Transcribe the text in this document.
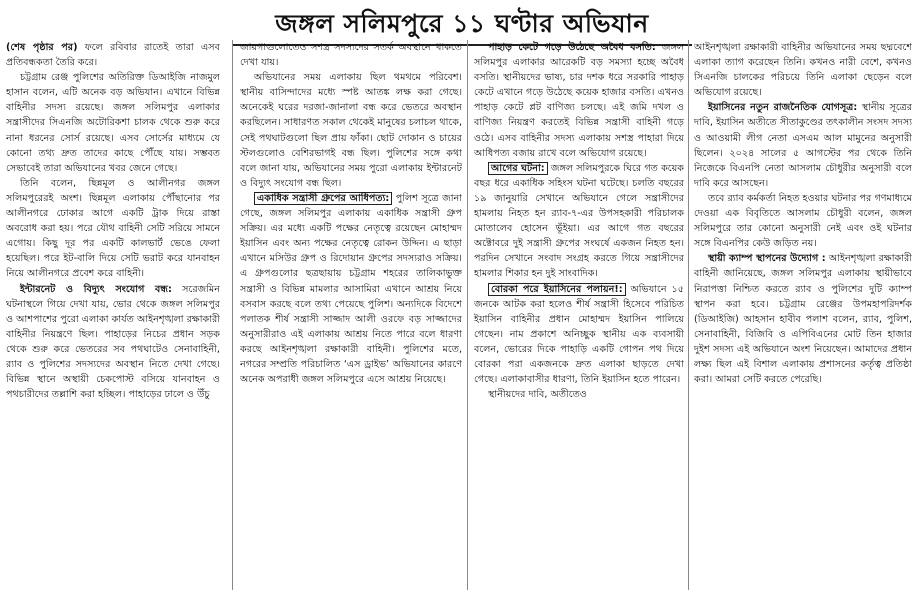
জঙ্গল সলিমপুরে ১১ ঘণ্টার অভিযান

(শেষ পৃষ্ঠার পর) ফলে রবিবার রাতেই তারা এসব প্রতিবন্ধকতা তৈরি করে।

চট্টগ্রাম রেঞ্জ পুলিশের অতিরিক্ত ডিআইজি নাজমুল হাসান বলেন, এটি অনেক বড় অভিযান। এখানে বিভিন্ন বাহিনীর সদস্য রয়েছে। জঙ্গল সলিমপুর এলাকার সন্ত্রাসীদের সিএনজি অটোরিকশা চালক থেকে শুরু করে নানা ধরনের সোর্স রয়েছে। এসব সোর্সের মাধ্যমে যে কোনো তথ্য দ্রুত তাদের কাছে পৌঁছে যায়। সম্ভবত সেভাবেই তারা অভিযানের খবর জেনে গেছে।

তিনি বলেন, ছিন্নমূল ও আলীনগর জঙ্গল সলিমপুরেরই অংশ। ছিন্নমূল এলাকায় পৌঁছানোর পর আলীনগরে ঢোকার আগে একটি ট্রাক দিয়ে রাস্তা অবরোধ করা হয়। পরে যৌথ বাহিনী সেটি সরিয়ে সামনে এগোয়। কিছু দূর পর একটি কালভার্ট ভেঙে ফেলা হয়েছিল। পরে ইট-বালি দিয়ে সেটি ভরাট করে যানবাহন নিয়ে আলীনগরে প্রবেশ করে বাহিনী।

ইন্টারনেট ও বিদ্যুৎ সংযোগ বন্ধ: সরেজমিন ঘটনাস্থলে গিয়ে দেখা যায়, ভোর থেকে জঙ্গল সলিমপুর ও আশপাশের পুরো এলাকা কার্যত আইনশৃঙ্খলা রক্ষাকারী বাহিনীর নিয়ন্ত্রণে ছিল। পাহাড়ের নিচের প্রধান সড়ক থেকে শুরু করে ভেতরের সব পথঘাটেও সেনাবাহিনী, র‍্যাব ও পুলিশের সদস্যদের অবস্থান নিতে দেখা গেছে। বিভিন্ন স্থানে অস্থায়ী চেকপোস্ট বসিয়ে যানবাহন ও পথচারীদের তল্লাশি করা হচ্ছিল। পাহাড়ের ঢালে ও উঁচু

জায়গাগুলোতেও সশস্ত্র সদস্যদের সতর্ক অবস্থানে থাকতে দেখা যায়।

অভিযানের সময় এলাকায় ছিল থমথমে পরিবেশ। স্থানীয় বাসিন্দাদের মধ্যে স্পষ্ট আতঙ্ক লক্ষ করা গেছে। অনেকেই ঘরের দরজা-জানালা বন্ধ করে ভেতরে অবস্থান করছিলেন। সাধারণত সকাল থেকেই মানুষের চলাচল থাকে, সেই পথঘাটগুলো ছিল প্রায় ফাঁকা। ছোট দোকান ও চায়ের স্টলগুলোও বেশিরভাগই বন্ধ ছিল। পুলিশের সঙ্গে কথা বলে জানা যায়, অভিযানের সময় পুরো এলাকায় ইন্টারনেট ও বিদ্যুৎ সংযোগ বন্ধ ছিল।

একাধিক সন্ত্রাসী গ্রুপের আধিপত্য: পুলিশ সূত্রে জানা গেছে, জঙ্গল সলিমপুর এলাকায় একাধিক সন্ত্রাসী গ্রুপ সক্রিয়। এর মধ্যে একটি পক্ষের নেতৃত্বে রয়েছেন মোহাম্মদ ইয়াসিন এবং অন্য পক্ষের নেতৃত্বে রোকন উদ্দিন। এ ছাড়া এখানে মসিউর গ্রুপ ও রিদোয়ান গ্রুপের সদস্যরাও সক্রিয়। এ গ্রুপগুলোর ছত্রছায়ায় চট্টগ্রাম শহরের তালিকাভুক্ত সন্ত্রাসী ও বিভিন্ন মামলার আসামিরা এখানে আশ্রয় নিয়ে বসবাস করছে বলে তথ্য পেয়েছে পুলিশ। অন্যদিকে বিদেশে পলাতক শীর্ষ সন্ত্রাসী সাজ্জাদ আলী ওরফে বড় সাজ্জাদের অনুসারীরাও এই এলাকায় আশ্রয় নিতে পারে বলে ধারণা করছে আইনশৃঙ্খলা রক্ষাকারী বাহিনী। পুলিশের মতে, নগরের সম্প্রতি পরিচালিত ‘এস ড্রাইভ’ অভিযানের কারণে অনেক অপরাধী জঙ্গল সলিমপুরে এসে আশ্রয় নিয়েছে।

পাহাড় কেটে গড়ে উঠেছে অবৈধ বসতি: জঙ্গল সলিমপুর এলাকার আরেকটি বড় সমস্যা হচ্ছে অবৈধ বসতি। স্থানীয়দের ভাষ্য, চার দশক ধরে সরকারি পাহাড় কেটে এখানে গড়ে উঠেছে কয়েক হাজার বসতি। এখনও পাহাড় কেটে প্লট বাণিজ্য চলছে। এই জমি দখল ও বাণিজ্য নিয়ন্ত্রণ করতেই বিভিন্ন সন্ত্রাসী বাহিনী গড়ে ওঠে। এসব বাহিনীর সদস্য এলাকায় সশস্ত্র পাহারা দিয়ে আধিপত্য বজায় রাখে বলে অভিযোগ রয়েছে।

আগের ঘটনা: জঙ্গল সলিমপুরকে ঘিরে গত কয়েক বছর ধরে একাধিক সহিংস ঘটনা ঘটেছে। চলতি বছরের ১৯ জানুয়ারি সেখানে অভিযানে গেলে সন্ত্রাসীদের হামলায় নিহত হন র‍্যাব-৭-এর উপসহকারী পরিচালক মোতালেব হোসেন ভূঁইয়া। এর আগে গত বছরের অক্টোবরে দুই সন্ত্রাসী গ্রুপের সংঘর্ষে একজন নিহত হন। পরদিন সেখানে সংবাদ সংগ্রহ করতে গিয়ে সন্ত্রাসীদের হামলার শিকার হন দুই সাংবাদিক।

বোরকা পরে ইয়াসিনের পলায়ন!: অভিযানে ১৫ জনকে আটক করা হলেও শীর্ষ সন্ত্রাসী হিসেবে পরিচিত ইয়াসিন বাহিনীর প্রধান মোহাম্মদ ইয়াসিন পালিয়ে গেছেন। নাম প্রকাশে অনিচ্ছুক স্থানীয় এক ব্যবসায়ী বলেন, ভোরের দিকে পাহাড়ি একটি গোপন পথ দিয়ে বোরকা পরা একজনকে দ্রুত এলাকা ছাড়তে দেখা গেছে। এলাকাবাসীর ধারণা, তিনি ইয়াসিন হতে পারেন।

স্থানীয়দের দাবি, অতীতেও

আইনশৃঙ্খলা রক্ষাকারী বাহিনীর অভিযানের সময় ছদ্মবেশে এলাকা ত্যাগ করেছেন তিনি। কখনও নারী বেশে, কখনও সিএনজি চালকের পরিচয়ে তিনি এলাকা ছেড়েন বলে অভিযোগ রয়েছে।

ইয়াসিনের নতুন রাজনৈতিক যোগসূত্র: স্থানীয় সূত্রের দাবি, ইয়াসিন অতীতে সীতাকুণ্ডের তৎকালীন সংসদ সদস্য ও আওয়ামী লীগ নেতা এসএম আল মামুনের অনুসারী ছিলেন। ২০২৪ সালের ৫ আগস্টের পর থেকে তিনি নিজেকে বিএনপি নেতা আসলাম চৌধুরীর অনুসারী বলে দাবি করে আসছেন।

তবে র‍্যাব কর্মকর্তা নিহত হওয়ার ঘটনার পর গণমাধ্যমে দেওয়া এক বিবৃতিতে আসলাম চৌধুরী বলেন, জঙ্গল সলিমপুরে তার কোনো অনুসারী নেই এবং ওই ঘটনার সঙ্গে বিএনপির কেউ জড়িত নয়।

স্থায়ী ক্যাম্প স্থাপনের উদ্যোগ : আইনশৃঙ্খলা রক্ষাকারী বাহিনী জানিয়েছে, জঙ্গল সলিমপুর এলাকায় স্থায়ীভাবে নিরাপত্তা নিশ্চিত করতে র‍্যাব ও পুলিশের দুটি ক্যাম্প স্থাপন করা হবে। চট্টগ্রাম রেঞ্জের উপমহাপরিদর্শক (ডিআইজি) আহসান হাবীব পলাশ বলেন, র‍্যাব, পুলিশ, সেনাবাহিনী, বিজিবি ও এপিবিএনের মোট তিন হাজার দুইশ সদস্য এই অভিযানে অংশ নিয়েছেন। আমাদের প্রধান লক্ষ্য ছিল এই বিশাল এলাকায় প্রশাসনের কর্তৃত্ব প্রতিষ্ঠা করা। আমরা সেটি করতে পেরেছি।
